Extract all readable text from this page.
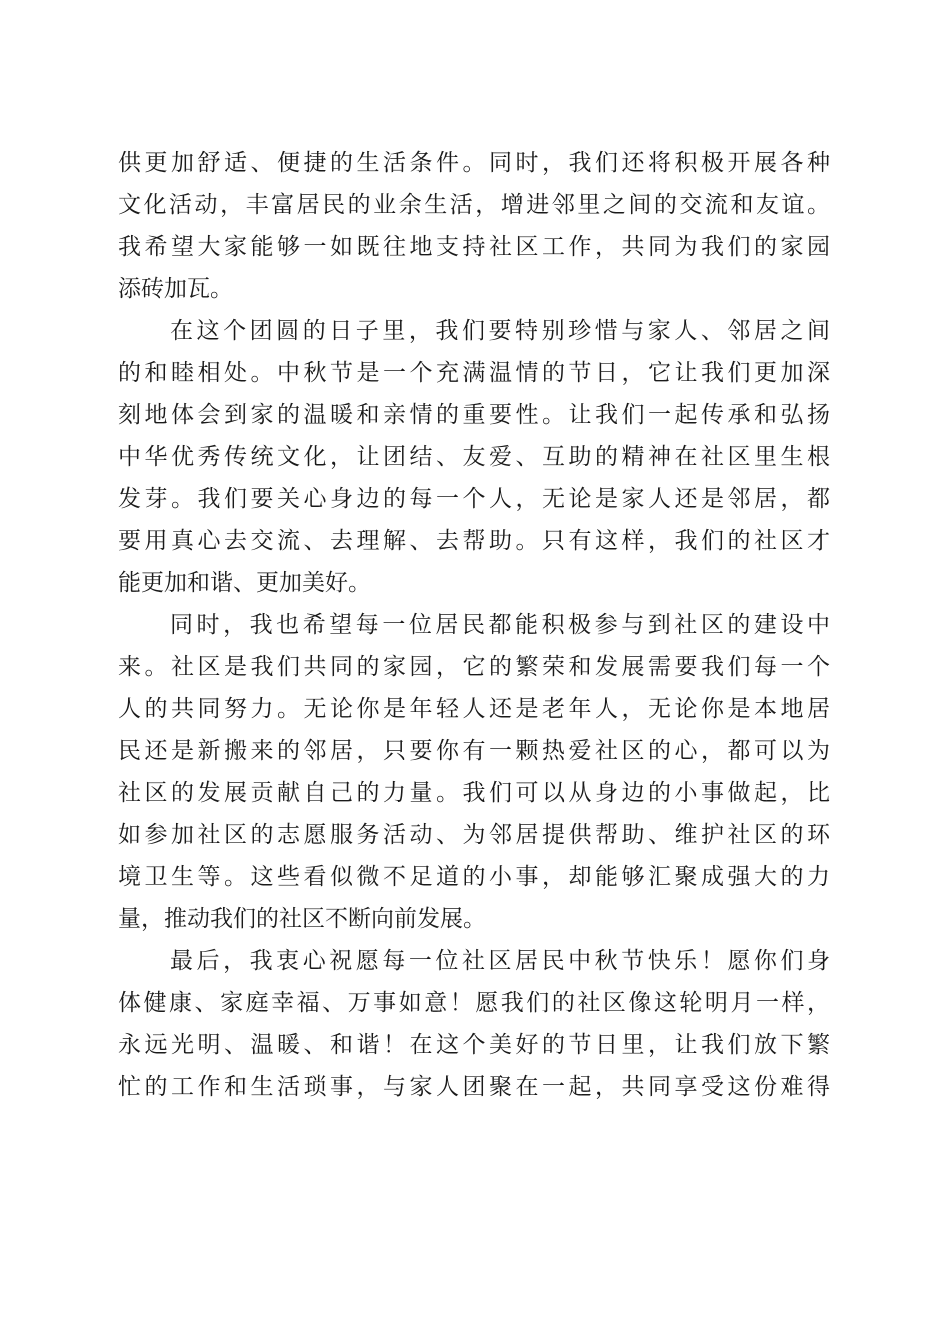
供更加舒适、便捷的生活条件。同时，我们还将积极开展各种
文化活动，丰富居民的业余生活，增进邻里之间的交流和友谊。
我希望大家能够一如既往地支持社区工作，共同为我们的家园
添砖加瓦。
在这个团圆的日子里，我们要特别珍惜与家人、邻居之间
的和睦相处。中秋节是一个充满温情的节日，它让我们更加深
刻地体会到家的温暖和亲情的重要性。让我们一起传承和弘扬
中华优秀传统文化，让团结、友爱、互助的精神在社区里生根
发芽。我们要关心身边的每一个人，无论是家人还是邻居，都
要用真心去交流、去理解、去帮助。只有这样，我们的社区才
能更加和谐、更加美好。
同时，我也希望每一位居民都能积极参与到社区的建设中
来。社区是我们共同的家园，它的繁荣和发展需要我们每一个
人的共同努力。无论你是年轻人还是老年人，无论你是本地居
民还是新搬来的邻居，只要你有一颗热爱社区的心，都可以为
社区的发展贡献自己的力量。我们可以从身边的小事做起，比
如参加社区的志愿服务活动、为邻居提供帮助、维护社区的环
境卫生等。这些看似微不足道的小事，却能够汇聚成强大的力
量，推动我们的社区不断向前发展。
最后，我衷心祝愿每一位社区居民中秋节快乐！愿你们身
体健康、家庭幸福、万事如意！愿我们的社区像这轮明月一样，
永远光明、温暖、和谐！在这个美好的节日里，让我们放下繁
忙的工作和生活琐事，与家人团聚在一起，共同享受这份难得
